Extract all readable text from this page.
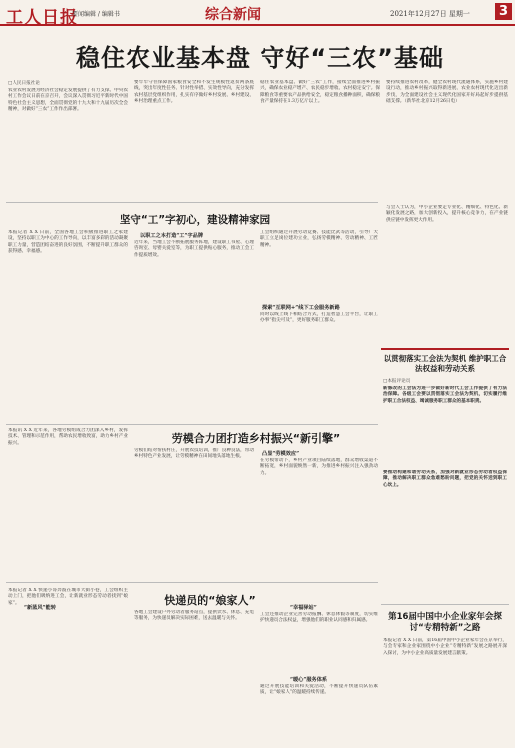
工人日报
要闻编辑 / 编辑书	综合新闻	2021年12月27日 星期一	3
稳住农业基本盘 守好“三农”基础
□人民日报社论
农业农村发展为经济社会稳定发展提供了有力支撑。中央农村工作会议日前在京召开，会议深入贯彻习近平新时代中国特色社会主义思想，全面贯彻党的十九大和十九届历次全会精神，对做好“三农”工作作出部署。
要牢牢守住保障国家粮食安全和不发生规模性返贫两条底线，突出年度性任务、针对性举措、实效性导向，充分发挥农村基层党组织作用，扎实有序做好乡村发展、乡村建设、乡村治理重点工作。
稳住农业基本盘、做好“三农”工作，接续全面推进乡村振兴，确保农业稳产增产、农民稳步增收、农村稳定安宁。保障粮食等重要农产品供给安全，稳定粮食播种面积，确保粮食产量保持在1.3万亿斤以上。
要持续推进农村改革，健全农村现代流通体系，实施乡村建设行动，推动乡村振兴取得新进展、农业农村现代化迈出新步伐，为全面建设社会主义现代化国家开好局起好步提供基础支撑。（新华社北京12月26日电）
坚守“工”字初心，建设精神家园
本报记者 X X 日前，全国各地工会积极推进职工之家建设，坚持以职工为中心的工作导向，以丰富多彩的活动凝聚职工力量，营造团结奋进的良好氛围，不断提升职工群众的获得感、幸福感。
以职工之本打造“工”字品牌
近年来，当地工会不断拓展服务阵地，建设职工书屋、心理咨询室、母婴关爱室等，为职工提供贴心服务，推动工会工作提质增效。
工会组织通过开展劳动竞赛、技能比武等活动，引导广大职工立足岗位建功立业，弘扬劳模精神、劳动精神、工匠精神。
探索“互联网+”线下工会服务新路
同时以线上线下相结合方式，打造智慧工会平台，让职工办事“指尖可及”，更好服务职工群众。
与会人士认为，中小企业要走专业化、精细化、特色化、新颖化发展之路，加大创新投入，提升核心竞争力，在产业链供应链中发挥更大作用。
本报讯 X X 近年来，各地劳模组成合力团深入乡村，发挥技术、管理和示范作用，帮助农民增收致富，助力乡村产业振兴。	劳模合力团打造乡村振兴“新引擎”
劳模们结对帮扶村庄，开展农技培训，推广良种良法，带动乡村特色产业发展，让劳模精神在田间地头落地生根。	凸显“劳模效应”
在劳模带动下，乡村产业项目陆续落地，群众增收渠道不断拓宽，乡村面貌焕然一新，为推进乡村振兴注入强劲动力。
本报记者 X X 快递小哥奔波在城市大街小巷，工会组织主动上门，把他们吸纳进工会，让新就业形态劳动者找到“娘家”。
“新蓝风”能转
快递员的“娘家人”
各地工会建设户外劳动者服务站点，提供饮水、休息、充电等服务，为快递员解决实际困难，送去温暖与关怀。
“幸福驿站”
工会还推动企业完善劳动报酬、休息休假等制度，切实维护快递员合法权益，增强他们的职业认同感和归属感。
“暖心”服务体系
通过开展技能培训和关爱活动，不断提升快递员队伍素质，让“娘家人”的温暖持续传递。
以贯彻落实工会法为契机 维护职工合法权益和劳动关系
□本报评论员
新修改的工会法为进一步做好新时代工会工作提供了有力法治保障。各级工会要以贯彻落实工会法为契机，切实履行维护职工合法权益、竭诚服务职工群众的基本职责。
要推动构建和谐劳动关系，加强对新就业形态劳动者权益保障，推动解决职工群众急难愁盼问题，把党的关怀送到职工心坎上。
第16届中国中小企业家年会探讨“专精特新”之路
本报记者 X X 日前，第16届中国中小企业家年会在京举行，与会专家和企业家围绕中小企业“专精特新”发展之路展开深入探讨，为中小企业高质量发展建言献策。
